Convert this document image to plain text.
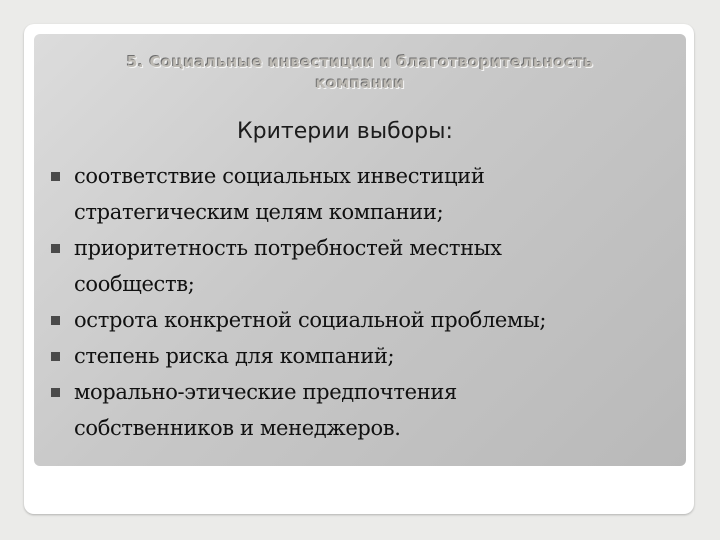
5. Социальные инвестиции и благотворительность
компании
Критерии выборы:
соответствие социальных инвестиций
стратегическим целям компании;
приоритетность потребностей местных
сообществ;
острота конкретной социальной проблемы;
степень риска для компаний;
морально-этические предпочтения
собственников и менеджеров.
